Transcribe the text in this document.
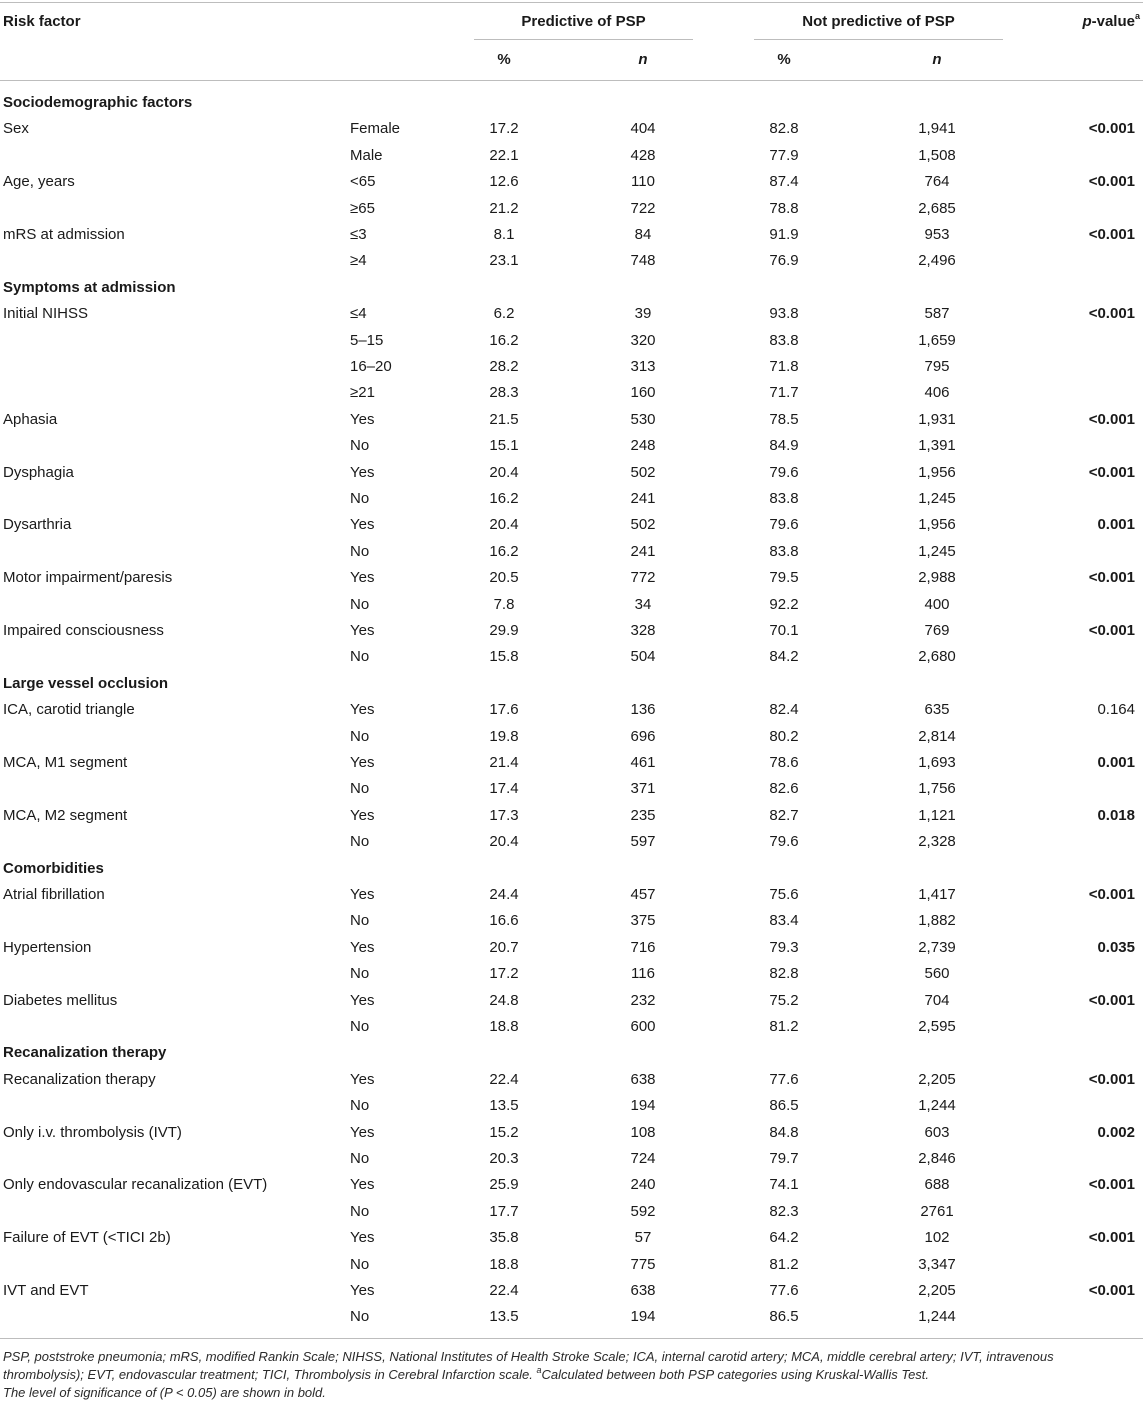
Risk factor	Predictive of PSP	Not predictive of PSP	p-value$^a$
%	n	%	n
Sociodemographic factors
Sex	Female	17.2	404	82.8	1,941	<0.001
Male	22.1	428	77.9	1,508
Age, years	<65	12.6	110	87.4	764	<0.001
≥65	21.2	722	78.8	2,685
mRS at admission	≤3	8.1	84	91.9	953	<0.001
≥4	23.1	748	76.9	2,496
Symptoms at admission
Initial NIHSS	≤4	6.2	39	93.8	587	<0.001
5–15	16.2	320	83.8	1,659
16–20	28.2	313	71.8	795
≥21	28.3	160	71.7	406
Aphasia	Yes	21.5	530	78.5	1,931	<0.001
No	15.1	248	84.9	1,391
Dysphagia	Yes	20.4	502	79.6	1,956	<0.001
No	16.2	241	83.8	1,245
Dysarthria	Yes	20.4	502	79.6	1,956	0.001
No	16.2	241	83.8	1,245
Motor impairment/paresis	Yes	20.5	772	79.5	2,988	<0.001
No	7.8	34	92.2	400
Impaired consciousness	Yes	29.9	328	70.1	769	<0.001
No	15.8	504	84.2	2,680
Large vessel occlusion
ICA, carotid triangle	Yes	17.6	136	82.4	635	0.164
No	19.8	696	80.2	2,814
MCA, M1 segment	Yes	21.4	461	78.6	1,693	0.001
No	17.4	371	82.6	1,756
MCA, M2 segment	Yes	17.3	235	82.7	1,121	0.018
No	20.4	597	79.6	2,328
Comorbidities
Atrial fibrillation	Yes	24.4	457	75.6	1,417	<0.001
No	16.6	375	83.4	1,882
Hypertension	Yes	20.7	716	79.3	2,739	0.035
No	17.2	116	82.8	560
Diabetes mellitus	Yes	24.8	232	75.2	704	<0.001
No	18.8	600	81.2	2,595
Recanalization therapy
Recanalization therapy	Yes	22.4	638	77.6	2,205	<0.001
No	13.5	194	86.5	1,244
Only i.v. thrombolysis (IVT)	Yes	15.2	108	84.8	603	0.002
No	20.3	724	79.7	2,846
Only endovascular recanalization (EVT)	Yes	25.9	240	74.1	688	<0.001
No	17.7	592	82.3	2761
Failure of EVT (<TICI 2b)	Yes	35.8	57	64.2	102	<0.001
No	18.8	775	81.2	3,347
IVT and EVT	Yes	22.4	638	77.6	2,205	<0.001
No	13.5	194	86.5	1,244
PSP, poststroke pneumonia; mRS, modified Rankin Scale; NIHSS, National Institutes of Health Stroke Scale; ICA, internal carotid artery; MCA, middle cerebral artery; IVT, intravenous
thrombolysis); EVT, endovascular treatment; TICI, Thrombolysis in Cerebral Infarction scale. $^a$Calculated between both PSP categories using Kruskal-Wallis Test.
The level of significance of (P < 0.05) are shown in bold.
